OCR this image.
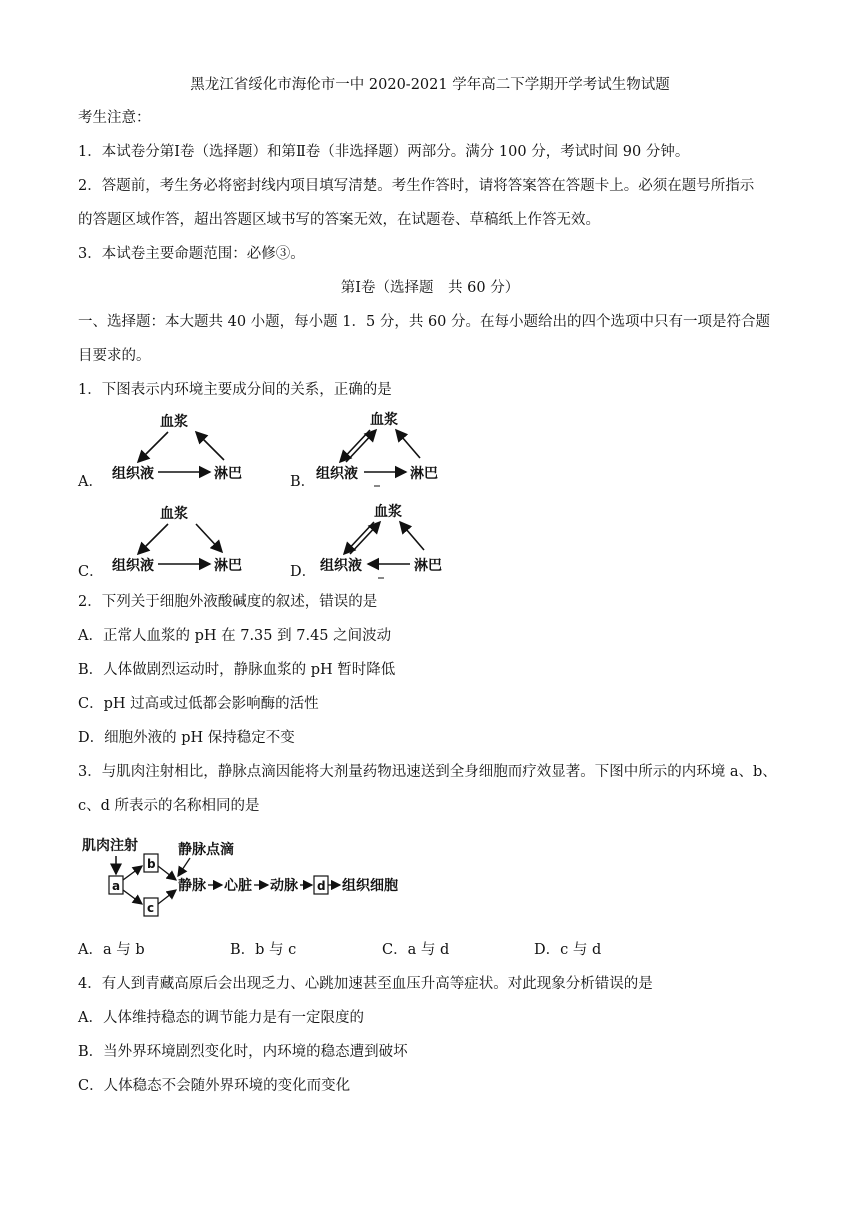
黑龙江省绥化市海伦市一中 2020-2021 学年高二下学期开学考试生物试题
考生注意：
1．本试卷分第Ⅰ卷（选择题）和第Ⅱ卷（非选择题）两部分。满分 100 分，考试时间 90 分钟。
2．答题前，考生务必将密封线内项目填写清楚。考生作答时，请将答案答在答题卡上。必须在题号所指示
的答题区域作答，超出答题区域书写的答案无效，在试题卷、草稿纸上作答无效。
3．本试卷主要命题范围：必修③。
第Ⅰ卷（选择题　共 60 分）
一、选择题：本大题共 40 小题，每小题 1．5 分，共 60 分。在每小题给出的四个选项中只有一项是符合题
目要求的。
1．下图表示内环境主要成分间的关系，正确的是
A．
血浆
组织液	淋巴	B．
血浆
组织液	淋巴
C．
血浆
组织液	淋巴	D．
血浆
组织液	淋巴
2．下列关于细胞外液酸碱度的叙述，错误的是
A．正常人血浆的 pH 在 7.35 到 7.45 之间波动
B．人体做剧烈运动时，静脉血浆的 pH 暂时降低
C．pH 过高或过低都会影响酶的活性
D．细胞外液的 pH 保持稳定不变
3．与肌肉注射相比，静脉点滴因能将大剂量药物迅速送到全身细胞而疗效显著。下图中所示的内环境 a、b、
c、d 所表示的名称相同的是
肌肉注射	静脉点滴
a
b
c
静脉 心脏 动脉 d 组织细胞
A．a 与 b	B．b 与 c	C．a 与 d	D．c 与 d
4．有人到青藏高原后会出现乏力、心跳加速甚至血压升高等症状。对此现象分析错误的是
A．人体维持稳态的调节能力是有一定限度的
B．当外界环境剧烈变化时，内环境的稳态遭到破坏
C．人体稳态不会随外界环境的变化而变化
